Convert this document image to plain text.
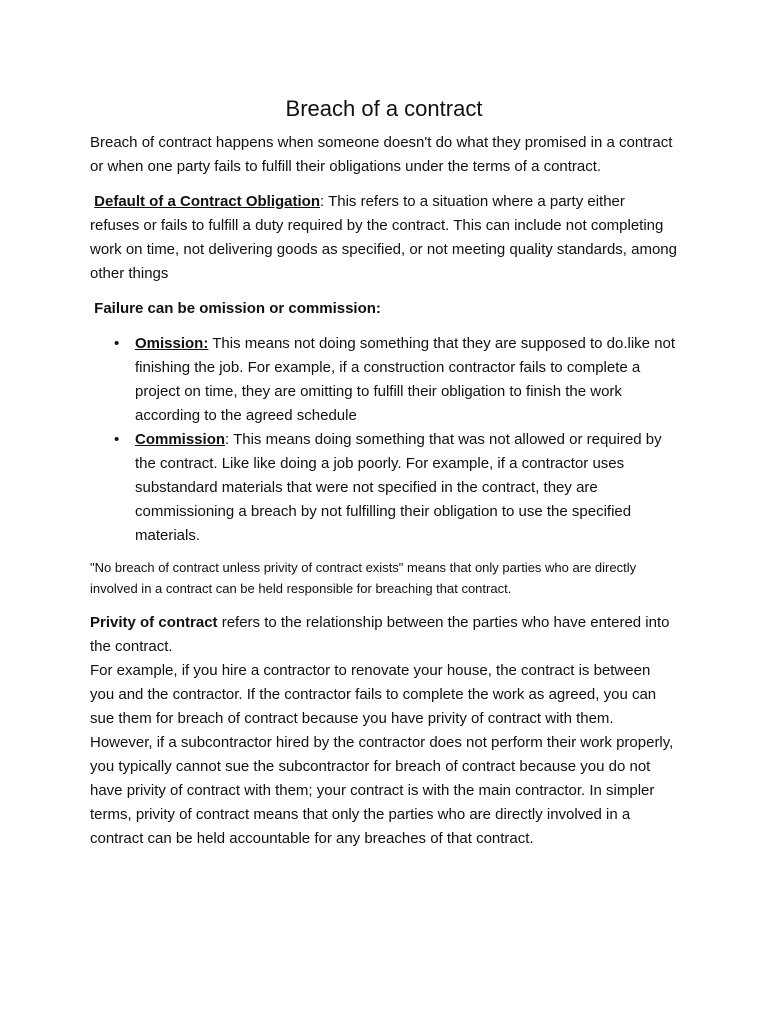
Breach of a contract

Breach of contract happens when someone doesn't do what they promised in a contract or when one party fails to fulfill their obligations under the terms of a contract.

Default of a Contract Obligation: This refers to a situation where a party either refuses or fails to fulfill a duty required by the contract. This can include not completing work on time, not delivering goods as specified, or not meeting quality standards, among other things

Failure can be omission or commission:

• Omission: This means not doing something that they are supposed to do.like not finishing the job. For example, if a construction contractor fails to complete a project on time, they are omitting to fulfill their obligation to finish the work according to the agreed schedule
• Commission: This means doing something that was not allowed or required by the contract. Like like doing a job poorly. For example, if a contractor uses substandard materials that were not specified in the contract, they are commissioning a breach by not fulfilling their obligation to use the specified materials.

"No breach of contract unless privity of contract exists" means that only parties who are directly involved in a contract can be held responsible for breaching that contract.

Privity of contract refers to the relationship between the parties who have entered into the contract.

For example, if you hire a contractor to renovate your house, the contract is between you and the contractor. If the contractor fails to complete the work as agreed, you can sue them for breach of contract because you have privity of contract with them. However, if a subcontractor hired by the contractor does not perform their work properly, you typically cannot sue the subcontractor for breach of contract because you do not have privity of contract with them; your contract is with the main contractor. In simpler terms, privity of contract means that only the parties who are directly involved in a contract can be held accountable for any breaches of that contract.
